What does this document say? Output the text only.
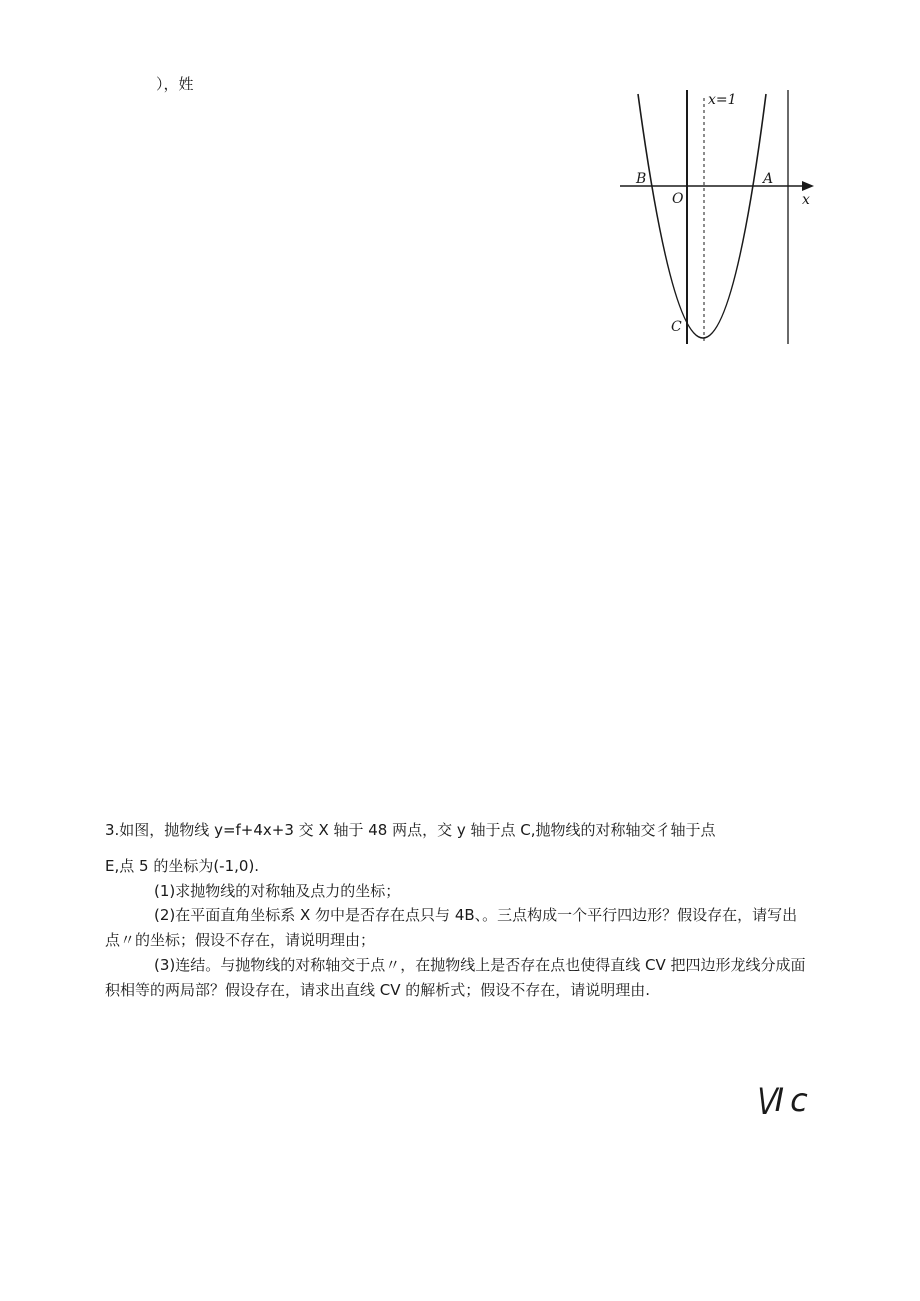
），姓
x=1
B
O
A
C
x
3.如图，抛物线 y=f+4x+3 交 X 轴于 48 两点，交 y 轴于点 C,抛物线的对称轴交彳轴于点
E,点 5 的坐标为(-1,0).
(1)求抛物线的对称轴及点力的坐标；
(2)在平面直角坐标系 X 勿中是否存在点只与 4B、。三点构成一个平行四边形？假设存在，请写出
点〃的坐标；假设不存在，请说明理由；
(3)连结。与抛物线的对称轴交于点〃，在抛物线上是否存在点也使得直线 CV 把四边形龙线分成面
积相等的两局部？假设存在，请求出直线 CV 的解析式；假设不存在，请说明理由.
\/I c
